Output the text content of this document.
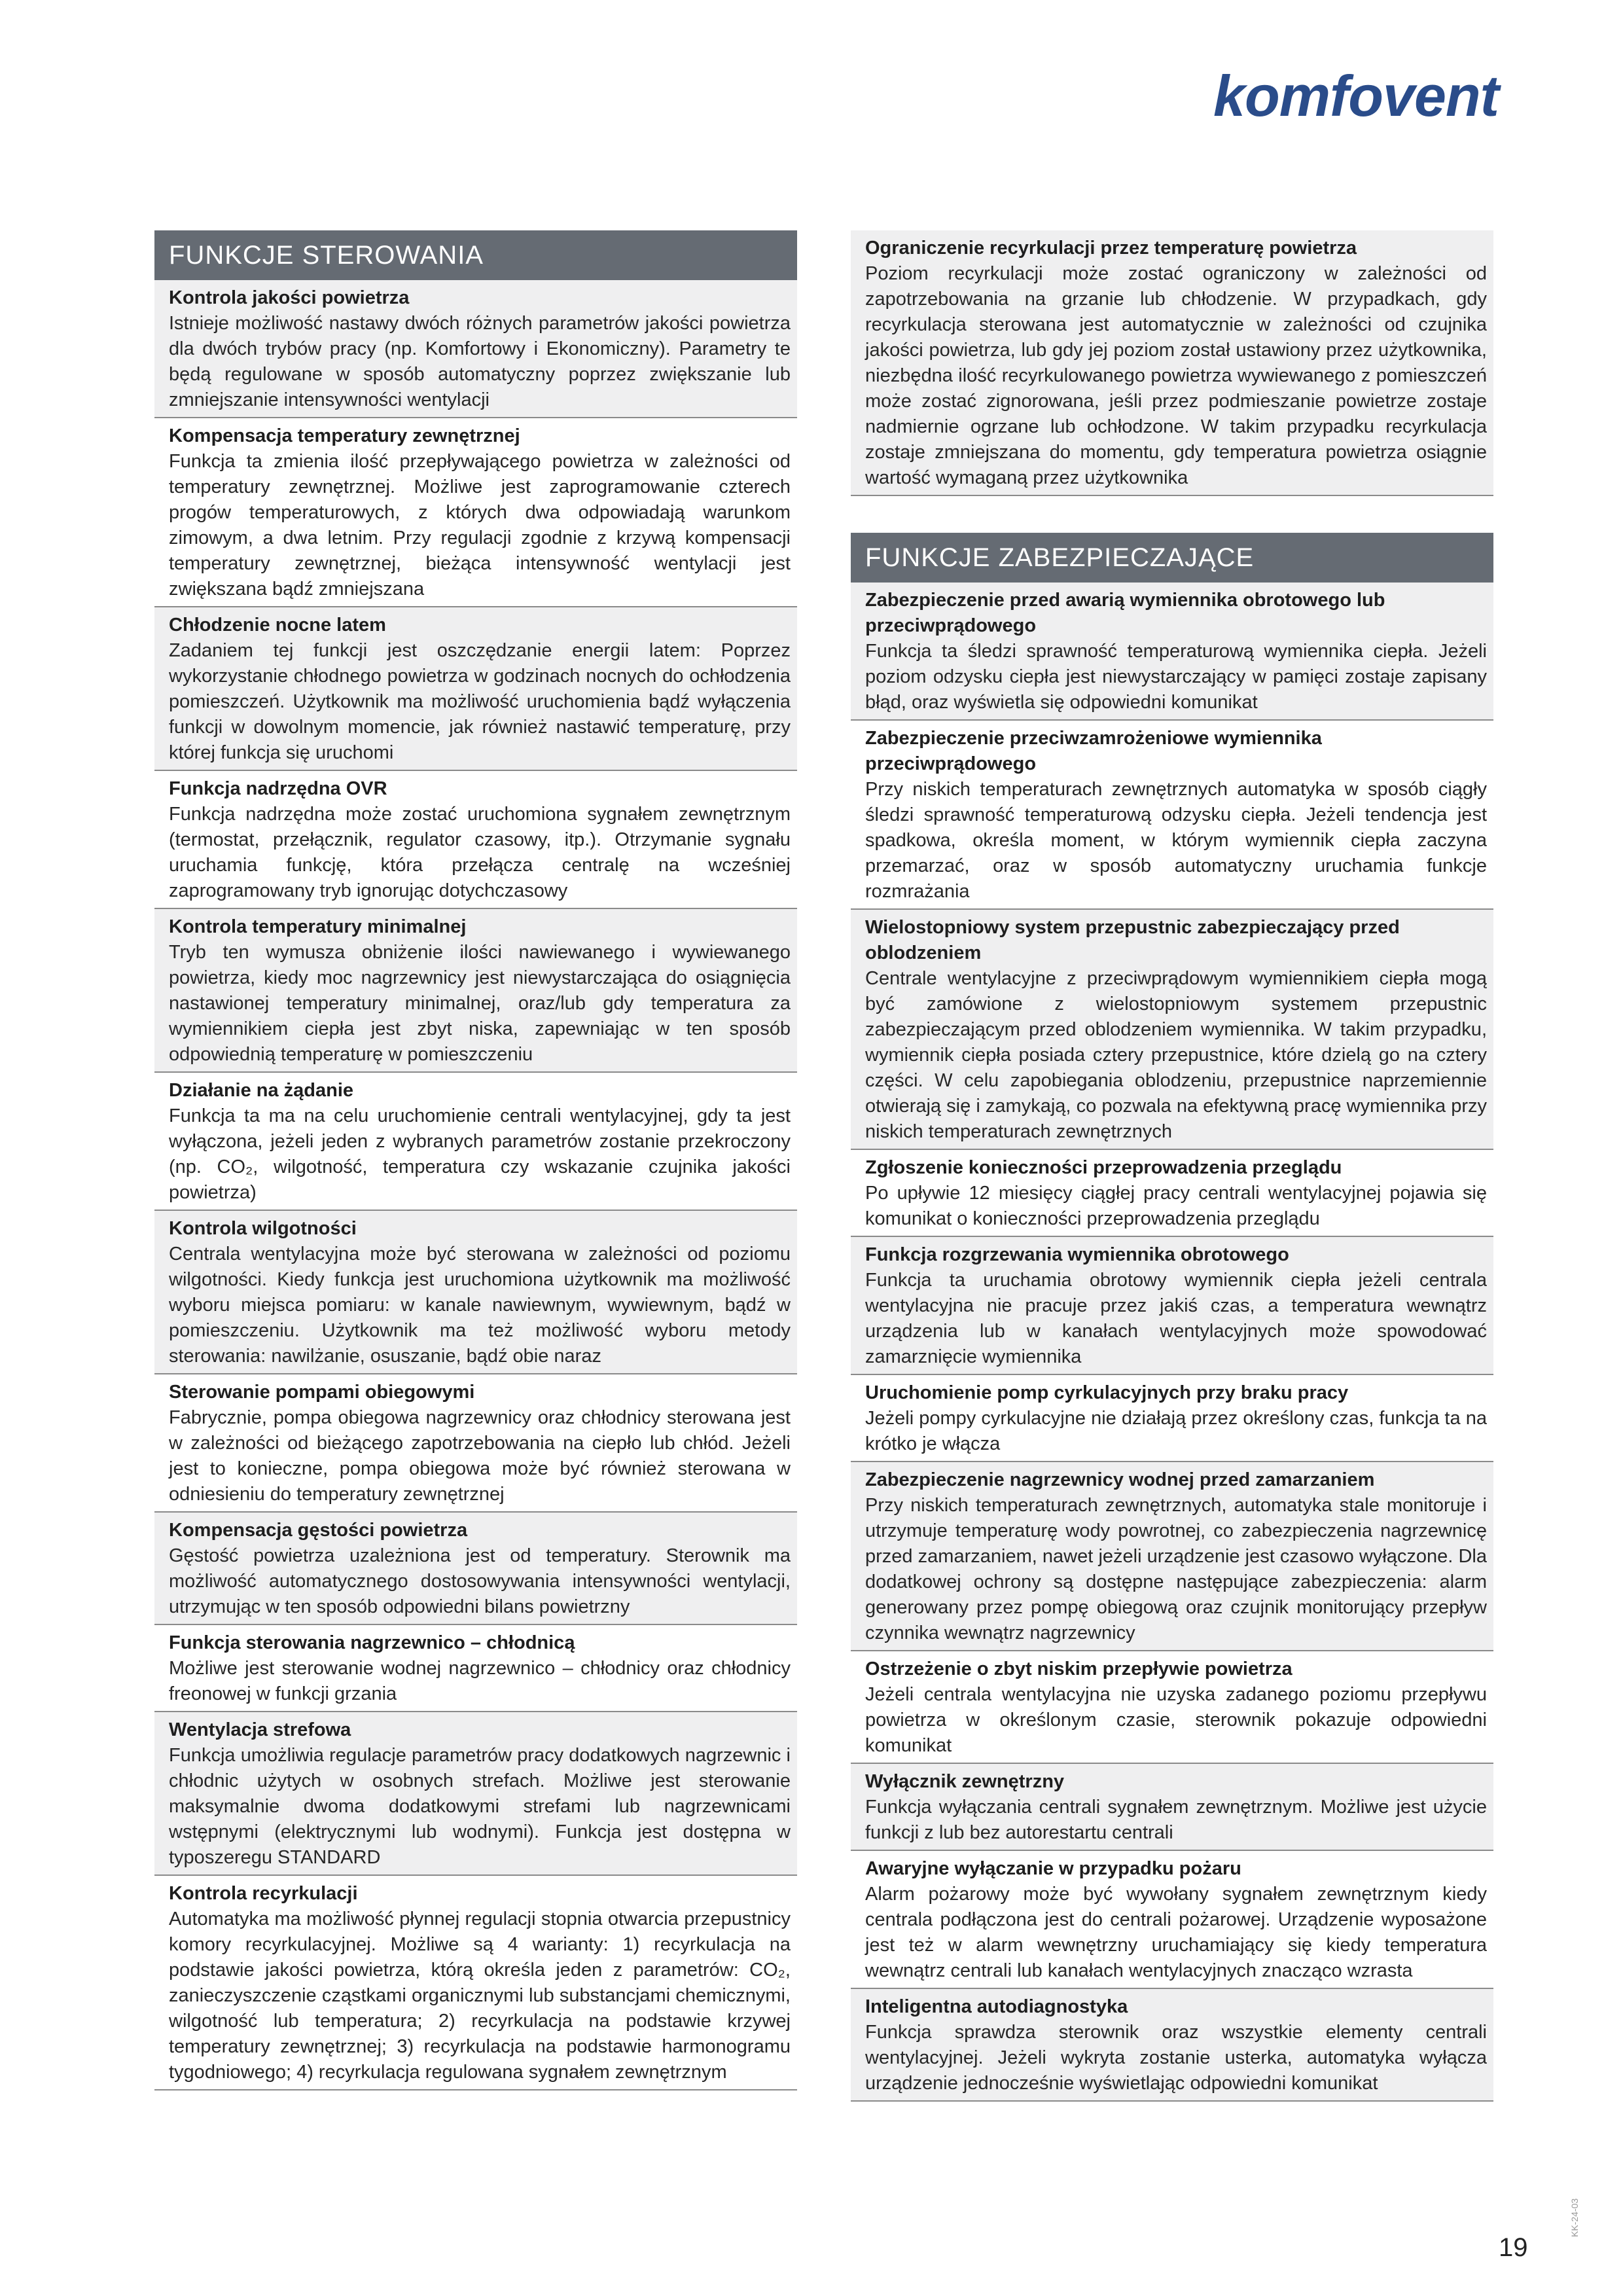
komfovent
FUNKCJE STEROWANIA
Kontrola jakości powietrza
Istnieje możliwość nastawy dwóch różnych parametrów jakości powietrza dla dwóch trybów pracy (np. Komfortowy i Ekonomiczny). Parametry te będą regulowane w sposób automatyczny poprzez zwiększanie lub zmniejszanie intensywności wentylacji
Kompensacja temperatury zewnętrznej
Funkcja ta zmienia ilość przepływającego powietrza w zależności od temperatury zewnętrznej. Możliwe jest zaprogramowanie czterech progów temperaturowych, z których dwa odpowiadają warunkom zimowym, a dwa letnim. Przy regulacji zgodnie z krzywą kompensacji temperatury zewnętrznej, bieżąca intensywność wentylacji jest zwiększana bądź zmniejszana
Chłodzenie nocne latem
Zadaniem tej funkcji jest oszczędzanie energii latem: Poprzez wykorzystanie chłodnego powietrza w godzinach nocnych do ochłodzenia pomieszczeń. Użytkownik ma możliwość uruchomienia bądź wyłączenia funkcji w dowolnym momencie, jak również nastawić temperaturę, przy której funkcja się uruchomi
Funkcja nadrzędna OVR
Funkcja nadrzędna może zostać uruchomiona sygnałem zewnętrznym (termostat, przełącznik, regulator czasowy, itp.). Otrzymanie sygnału uruchamia funkcję, która przełącza centralę na wcześniej zaprogramowany tryb ignorując dotychczasowy
Kontrola temperatury minimalnej
Tryb ten wymusza obniżenie ilości nawiewanego i wywiewanego powietrza, kiedy moc nagrzewnicy jest niewystarczająca do osiągnięcia nastawionej temperatury minimalnej, oraz/lub gdy temperatura za wymiennikiem ciepła jest zbyt niska, zapewniając w ten sposób odpowiednią temperaturę w pomieszczeniu
Działanie na żądanie
Funkcja ta ma na celu uruchomienie centrali wentylacyjnej, gdy ta jest wyłączona, jeżeli jeden z wybranych parametrów zostanie przekroczony (np. CO₂, wilgotność, temperatura czy wskazanie czujnika jakości powietrza)
Kontrola wilgotności
Centrala wentylacyjna może być sterowana w zależności od poziomu wilgotności. Kiedy funkcja jest uruchomiona użytkownik ma możliwość wyboru miejsca pomiaru: w kanale nawiewnym, wywiewnym, bądź w pomieszczeniu. Użytkownik ma też możliwość wyboru metody sterowania: nawilżanie, osuszanie, bądź obie naraz
Sterowanie pompami obiegowymi
Fabrycznie, pompa obiegowa nagrzewnicy oraz chłodnicy sterowana jest w zależności od bieżącego zapotrzebowania na ciepło lub chłód. Jeżeli jest to konieczne, pompa obiegowa może być również sterowana w odniesieniu do temperatury zewnętrznej
Kompensacja gęstości powietrza
Gęstość powietrza uzależniona jest od temperatury. Sterownik ma możliwość automatycznego dostosowywania intensywności wentylacji, utrzymując w ten sposób odpowiedni bilans powietrzny
Funkcja sterowania nagrzewnico – chłodnicą
Możliwe jest sterowanie wodnej nagrzewnico – chłodnicy oraz chłodnicy freonowej w funkcji grzania
Wentylacja strefowa
Funkcja umożliwia regulacje parametrów pracy dodatkowych nagrzewnic i chłodnic użytych w osobnych strefach. Możliwe jest sterowanie maksymalnie dwoma dodatkowymi strefami lub nagrzewnicami wstępnymi (elektrycznymi lub wodnymi). Funkcja jest dostępna w typoszeregu STANDARD
Kontrola recyrkulacji
Automatyka ma możliwość płynnej regulacji stopnia otwarcia przepustnicy komory recyrkulacyjnej. Możliwe są 4 warianty: 1) recyrkulacja na podstawie jakości powietrza, którą określa jeden z parametrów: CO₂, zanieczyszczenie cząstkami organicznymi lub substancjami chemicznymi, wilgotność lub temperatura; 2) recyrkulacja na podstawie krzywej temperatury zewnętrznej; 3) recyrkulacja na podstawie harmonogramu tygodniowego; 4) recyrkulacja regulowana sygnałem zewnętrznym
Ograniczenie recyrkulacji przez temperaturę powietrza
Poziom recyrkulacji może zostać ograniczony w zależności od zapotrzebowania na grzanie lub chłodzenie. W przypadkach, gdy recyrkulacja sterowana jest automatycznie w zależności od czujnika jakości powietrza, lub gdy jej poziom został ustawiony przez użytkownika, niezbędna ilość recyrkulowanego powietrza wywiewanego z pomieszczeń może zostać zignorowana, jeśli przez podmieszanie powietrze zostaje nadmiernie ogrzane lub ochłodzone. W takim przypadku recyrkulacja zostaje zmniejszana do momentu, gdy temperatura powietrza osiągnie wartość wymaganą przez użytkownika
FUNKCJE ZABEZPIECZAJĄCE
Zabezpieczenie przed awarią wymiennika obrotowego lub przeciwprądowego
Funkcja ta śledzi sprawność temperaturową wymiennika ciepła. Jeżeli poziom odzysku ciepła jest niewystarczający w pamięci zostaje zapisany błąd, oraz wyświetla się odpowiedni komunikat
Zabezpieczenie przeciwzamrożeniowe wymiennika przeciwprądowego
Przy niskich temperaturach zewnętrznych automatyka w sposób ciągły śledzi sprawność temperaturową odzysku ciepła. Jeżeli tendencja jest spadkowa, określa moment, w którym wymiennik ciepła zaczyna przemarzać, oraz w sposób automatyczny uruchamia funkcje rozmrażania
Wielostopniowy system przepustnic zabezpieczający przed oblodzeniem
Centrale wentylacyjne z przeciwprądowym wymiennikiem ciepła mogą być zamówione z wielostopniowym systemem przepustnic zabezpieczającym przed oblodzeniem wymiennika. W takim przypadku, wymiennik ciepła posiada cztery przepustnice, które dzielą go na cztery części. W celu zapobiegania oblodzeniu, przepustnice naprzemiennie otwierają się i zamykają, co pozwala na efektywną pracę wymiennika przy niskich temperaturach zewnętrznych
Zgłoszenie konieczności przeprowadzenia przeglądu
Po upływie 12 miesięcy ciągłej pracy centrali wentylacyjnej pojawia się komunikat o konieczności przeprowadzenia przeglądu
Funkcja rozgrzewania wymiennika obrotowego
Funkcja ta uruchamia obrotowy wymiennik ciepła jeżeli centrala wentylacyjna nie pracuje przez jakiś czas, a temperatura wewnątrz urządzenia lub w kanałach wentylacyjnych może spowodować zamarznięcie wymiennika
Uruchomienie pomp cyrkulacyjnych przy braku pracy
Jeżeli pompy cyrkulacyjne nie działają przez określony czas, funkcja ta na krótko je włącza
Zabezpieczenie nagrzewnicy wodnej przed zamarzaniem
Przy niskich temperaturach zewnętrznych, automatyka stale monitoruje i utrzymuje temperaturę wody powrotnej, co zabezpieczenia nagrzewnicę przed zamarzaniem, nawet jeżeli urządzenie jest czasowo wyłączone. Dla dodatkowej ochrony są dostępne następujące zabezpieczenia: alarm generowany przez pompę obiegową oraz czujnik monitorujący przepływ czynnika wewnątrz nagrzewnicy
Ostrzeżenie o zbyt niskim przepływie powietrza
Jeżeli centrala wentylacyjna nie uzyska zadanego poziomu przepływu powietrza w określonym czasie, sterownik pokazuje odpowiedni komunikat
Wyłącznik zewnętrzny
Funkcja wyłączania centrali sygnałem zewnętrznym. Możliwe jest użycie funkcji z lub bez autorestartu centrali
Awaryjne wyłączanie w przypadku pożaru
Alarm pożarowy może być wywołany sygnałem zewnętrznym kiedy centrala podłączona jest do centrali pożarowej. Urządzenie wyposażone jest też w alarm wewnętrzny uruchamiający się kiedy temperatura wewnątrz centrali lub kanałach wentylacyjnych znacząco wzrasta
Inteligentna autodiagnostyka
Funkcja sprawdza sterownik oraz wszystkie elementy centrali wentylacyjnej. Jeżeli wykryta zostanie usterka, automatyka wyłącza urządzenie jednocześnie wyświetlając odpowiedni komunikat
19
KK-24-03
